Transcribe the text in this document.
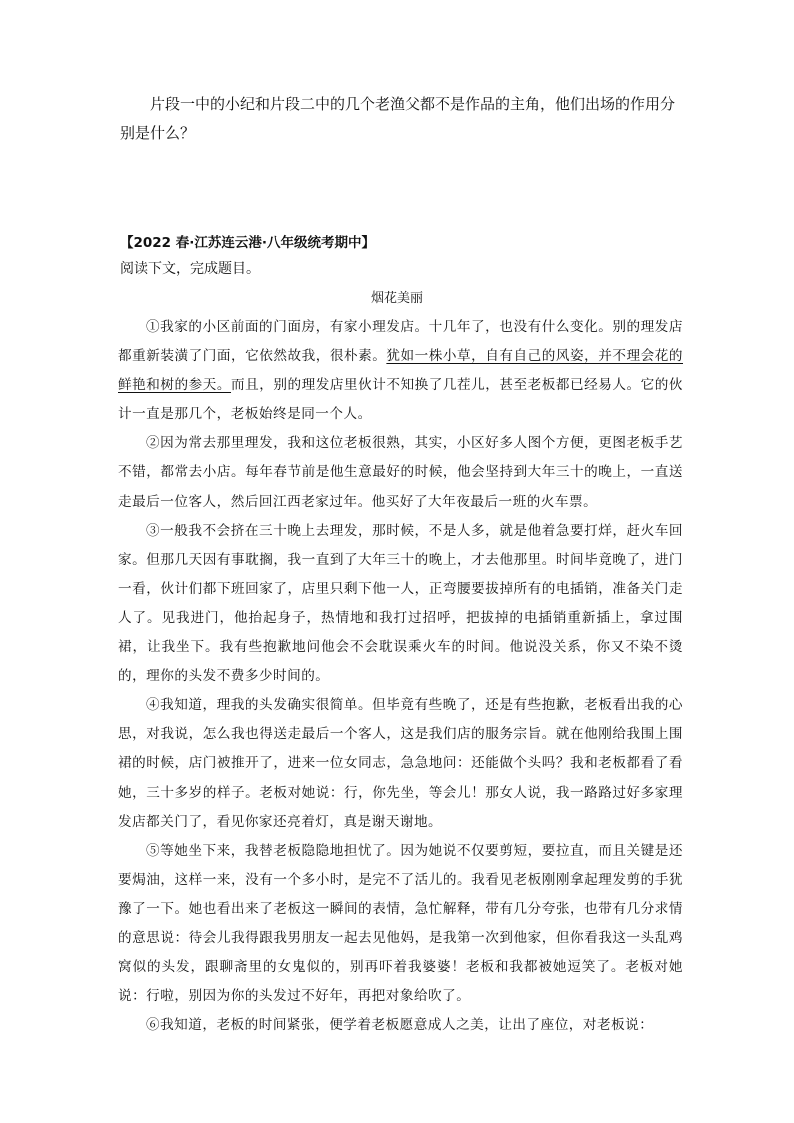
片段一中的小纪和片段二中的几个老渔父都不是作品的主角，他们出场的作用分别是什么？

【2022 春·江苏连云港·八年级统考期中】

阅读下文，完成题目。

烟花美丽

①我家的小区前面的门面房，有家小理发店。十几年了，也没有什么变化。别的理发店都重新装潢了门面，它依然故我，很朴素。犹如一株小草，自有自己的风姿，并不理会花的鲜艳和树的参天。而且，别的理发店里伙计不知换了几茬儿，甚至老板都已经易人。它的伙计一直是那几个，老板始终是同一个人。

②因为常去那里理发，我和这位老板很熟，其实，小区好多人图个方便，更图老板手艺不错，都常去小店。每年春节前是他生意最好的时候，他会坚持到大年三十的晚上，一直送走最后一位客人，然后回江西老家过年。他买好了大年夜最后一班的火车票。

③一般我不会挤在三十晚上去理发，那时候，不是人多，就是他着急要打烊，赶火车回家。但那几天因有事耽搁，我一直到了大年三十的晚上，才去他那里。时间毕竟晚了，进门一看，伙计们都下班回家了，店里只剩下他一人，正弯腰要拔掉所有的电插销，准备关门走人了。见我进门，他抬起身子，热情地和我打过招呼，把拔掉的电插销重新插上，拿过围裙，让我坐下。我有些抱歉地问他会不会耽误乘火车的时间。他说没关系，你又不染不烫的，理你的头发不费多少时间的。

④我知道，理我的头发确实很简单。但毕竟有些晚了，还是有些抱歉，老板看出我的心思，对我说，怎么我也得送走最后一个客人，这是我们店的服务宗旨。就在他刚给我围上围裙的时候，店门被推开了，进来一位女同志，急急地问：还能做个头吗？我和老板都看了看她，三十多岁的样子。老板对她说：行，你先坐，等会儿！那女人说，我一路路过好多家理发店都关门了，看见你家还亮着灯，真是谢天谢地。

⑤等她坐下来，我替老板隐隐地担忧了。因为她说不仅要剪短，要拉直，而且关键是还要焗油，这样一来，没有一个多小时，是完不了活儿的。我看见老板刚刚拿起理发剪的手犹豫了一下。她也看出来了老板这一瞬间的表情，急忙解释，带有几分夸张，也带有几分求情的意思说：待会儿我得跟我男朋友一起去见他妈，是我第一次到他家，但你看我这一头乱鸡窝似的头发，跟聊斋里的女鬼似的，别再吓着我婆婆！老板和我都被她逗笑了。老板对她说：行啦，别因为你的头发过不好年，再把对象给吹了。

⑥我知道，老板的时间紧张，便学着老板愿意成人之美，让出了座位，对老板说：
